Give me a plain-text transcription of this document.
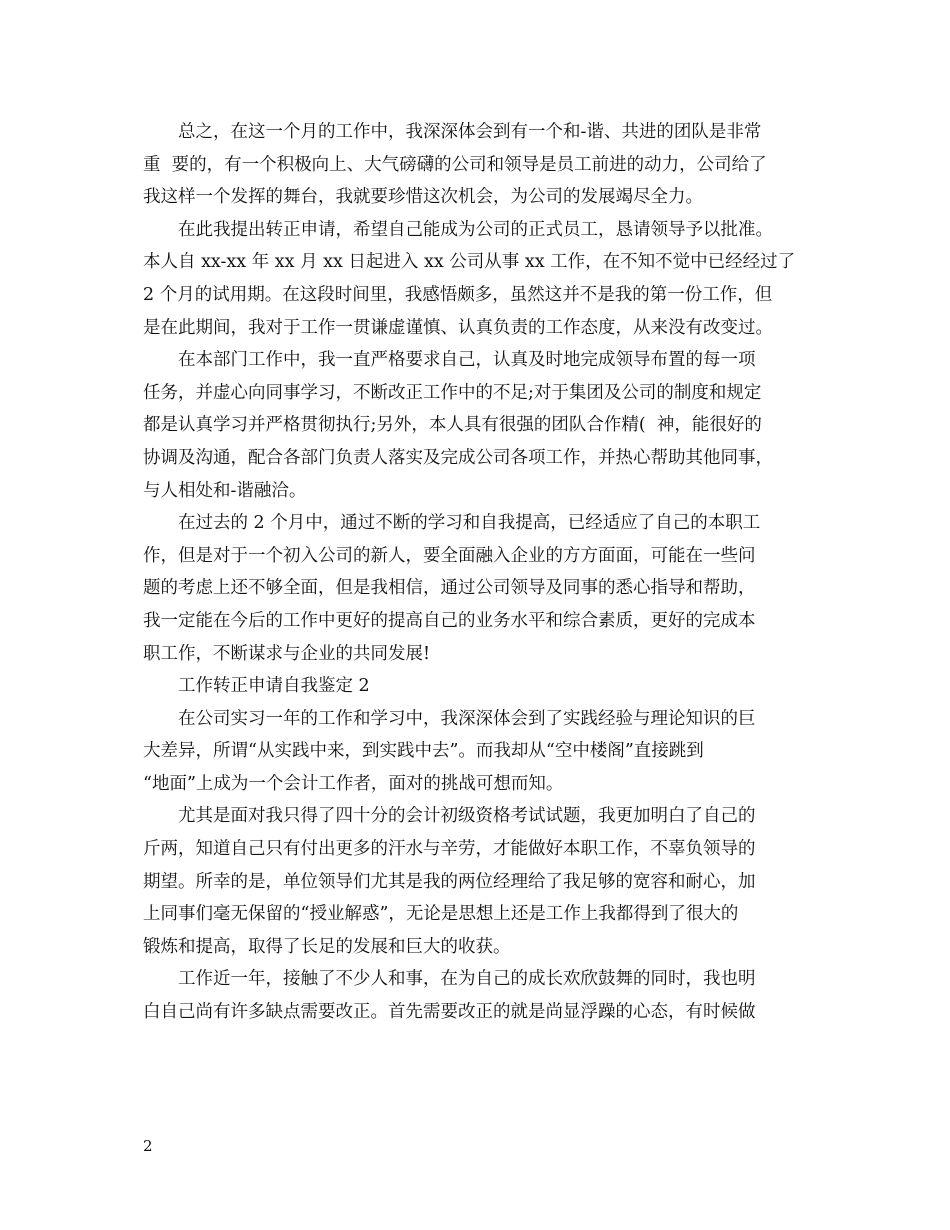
总之，在这一个月的工作中，我深深体会到有一个和-谐、共进的团队是非常
重  要的，有一个积极向上、大气磅礴的公司和领导是员工前进的动力，公司给了
我这样一个发挥的舞台，我就要珍惜这次机会，为公司的发展竭尽全力。
在此我提出转正申请，希望自己能成为公司的正式员工，恳请领导予以批准。
本人自 xx-xx 年 xx 月 xx 日起进入 xx 公司从事 xx 工作，在不知不觉中已经经过了
2 个月的试用期。在这段时间里，我感悟颇多，虽然这并不是我的第一份工作，但
是在此期间，我对于工作一贯谦虚谨慎、认真负责的工作态度，从来没有改变过。
在本部门工作中，我一直严格要求自己，认真及时地完成领导布置的每一项
任务，并虚心向同事学习，不断改正工作中的不足;对于集团及公司的制度和规定
都是认真学习并严格贯彻执行;另外，本人具有很强的团队合作精(  神，能很好的
协调及沟通，配合各部门负责人落实及完成公司各项工作，并热心帮助其他同事，
与人相处和-谐融洽。
在过去的 2 个月中，通过不断的学习和自我提高，已经适应了自己的本职工
作，但是对于一个初入公司的新人，要全面融入企业的方方面面，可能在一些问
题的考虑上还不够全面，但是我相信，通过公司领导及同事的悉心指导和帮助，
我一定能在今后的工作中更好的提高自己的业务水平和综合素质，更好的完成本
职工作，不断谋求与企业的共同发展!
工作转正申请自我鉴定 2
在公司实习一年的工作和学习中，我深深体会到了实践经验与理论知识的巨
大差异，所谓“从实践中来，到实践中去”。而我却从“空中楼阁”直接跳到
“地面”上成为一个会计工作者，面对的挑战可想而知。
尤其是面对我只得了四十分的会计初级资格考试试题，我更加明白了自己的
斤两，知道自己只有付出更多的汗水与辛劳，才能做好本职工作，不辜负领导的
期望。所幸的是，单位领导们尤其是我的两位经理给了我足够的宽容和耐心，加
上同事们毫无保留的“授业解惑”，无论是思想上还是工作上我都得到了很大的
锻炼和提高，取得了长足的发展和巨大的收获。
工作近一年，接触了不少人和事，在为自己的成长欢欣鼓舞的同时，我也明
白自己尚有许多缺点需要改正。首先需要改正的就是尚显浮躁的心态，有时候做
2
